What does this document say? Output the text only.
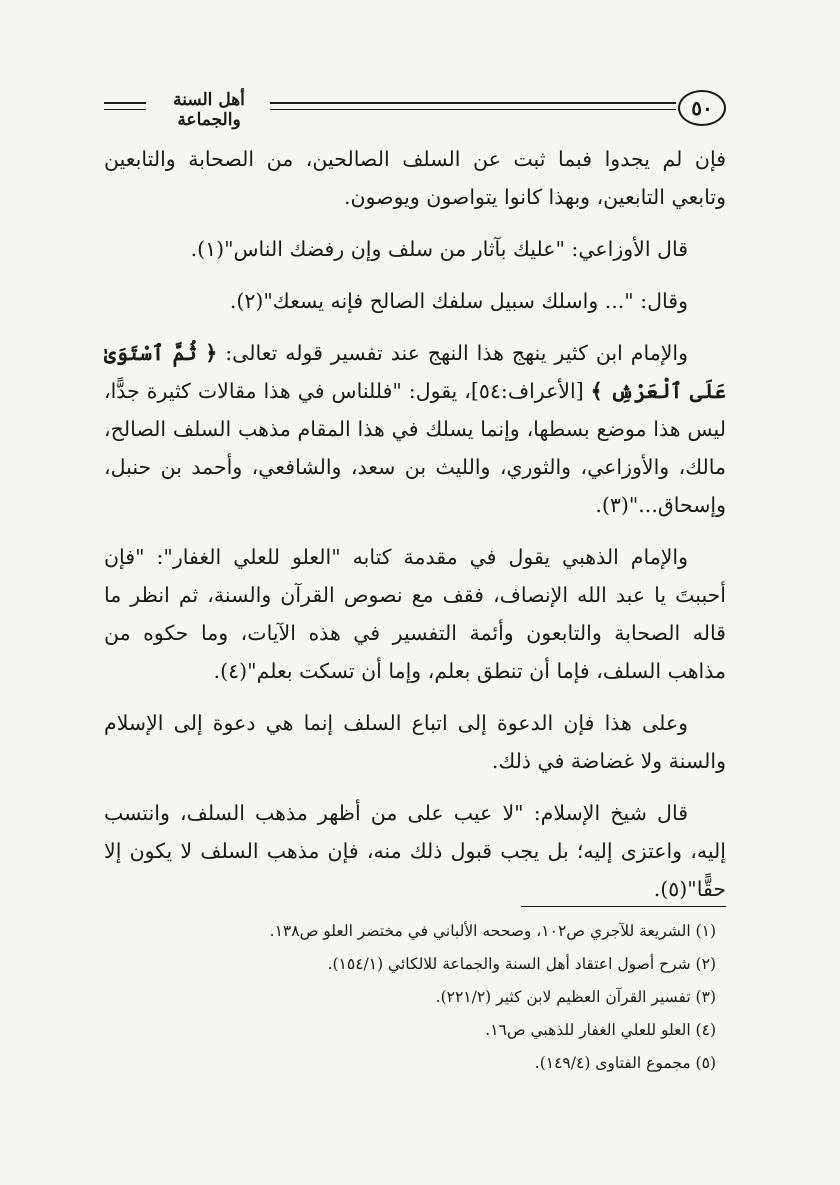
أهل السنة والجماعة	٥٠

فإن لم يجدوا فبما ثبت عن السلف الصالحين، من الصحابة والتابعين وتابعي التابعين، وبهذا كانوا يتواصون ويوصون.

قال الأوزاعي: "عليك بآثار من سلف وإن رفضك الناس"(١).

وقال: "... واسلك سبيل سلفك الصالح فإنه يسعك"(٢).

والإمام ابن كثير ينهج هذا النهج عند تفسير قوله تعالى: ﴿ ثُمَّ ٱسْتَوَىٰ عَلَى ٱلْعَرْشِ ﴾ [الأعراف:٥٤]، يقول: "فللناس في هذا مقالات كثيرة جدًّا، ليس هذا موضع بسطها، وإنما يسلك في هذا المقام مذهب السلف الصالح، مالك، والأوزاعي، والثوري، والليث بن سعد، والشافعي، وأحمد بن حنبل، وإسحاق..."(٣).

والإمام الذهبي يقول في مقدمة كتابه "العلو للعلي الغفار": "فإن أحببتَ يا عبد الله الإنصاف، فقف مع نصوص القرآن والسنة، ثم انظر ما قاله الصحابة والتابعون وأئمة التفسير في هذه الآيات، وما حكوه من مذاهب السلف، فإما أن تنطق بعلم، وإما أن تسكت بعلم"(٤).

وعلى هذا فإن الدعوة إلى اتباع السلف إنما هي دعوة إلى الإسلام والسنة ولا غضاضة في ذلك.

قال شيخ الإسلام: "لا عيب على من أظهر مذهب السلف، وانتسب إليه، واعتزى إليه؛ بل يجب قبول ذلك منه، فإن مذهب السلف لا يكون إلا حقًّا"(٥).

(١) الشريعة للآجري ص١٠٢، وصححه الألباني في مختصر العلو ص١٣٨.
(٢) شرح أصول اعتقاد أهل السنة والجماعة للالكائي (١٥٤/١).
(٣) تفسير القرآن العظيم لابن كثير (٢٢١/٢).
(٤) العلو للعلي الغفار للذهبي ص١٦.
(٥) مجموع الفتاوى (١٤٩/٤).
